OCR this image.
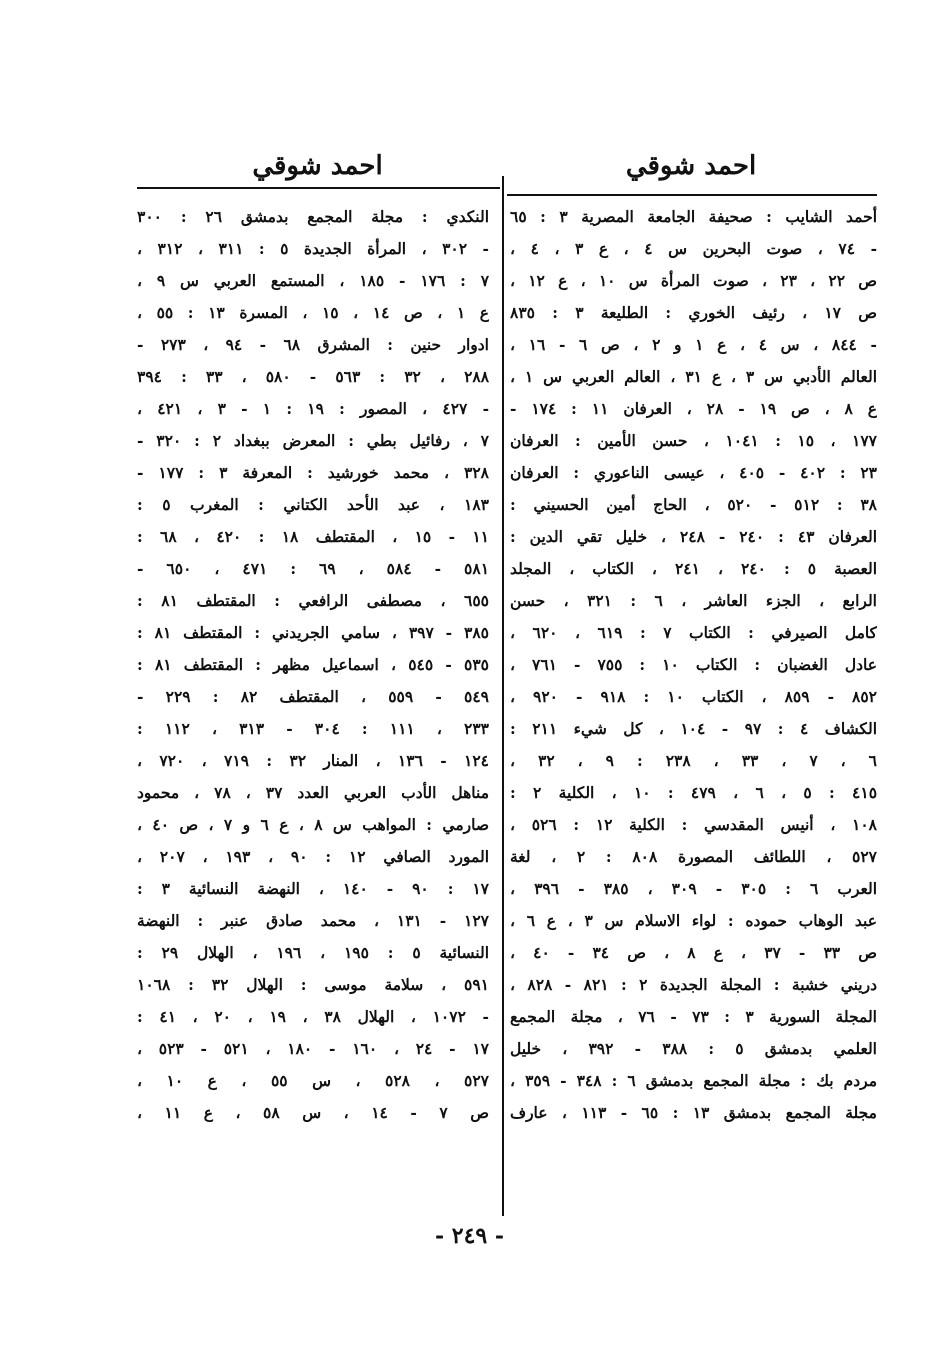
احمد شوقي
احمد شوقي
أحمد الشايب : صحيفة الجامعة المصرية ٣ : ٦٥
- ٧٤ ، صوت البحرين س ٤ ، ع ٣ ، ٤ ،
ص ٢٢ ، ٢٣ ، صوت المرأة س ١٠ ، ع ١٢ ،
ص ١٧ ، رئيف الخوري : الطليعة ٣ : ٨٣٥
- ٨٤٤ ، س ٤ ، ع ١ و ٢ ، ص ٦ - ١٦ ،
العالم الأدبي س ٣ ، ع ٣١ ، العالم العربي س ١ ،
ع ٨ ، ص ١٩ - ٢٨ ، العرفان ١١ : ١٧٤ -
١٧٧ ، ١٥ : ١٠٤١ ، حسن الأمين : العرفان
٢٣ : ٤٠٢ - ٤٠٥ ، عيسى الناعوري : العرفان
٣٨ : ٥١٢ - ٥٢٠ ، الحاج أمين الحسيني :
العرفان ٤٣ : ٢٤٠ - ٢٤٨ ، خليل تقي الدين :
العصبة ٥ : ٢٤٠ ، ٢٤١ ، الكتاب ، المجلد
الرابع ، الجزء العاشر ، ٦ : ٣٢١ ، حسن
كامل الصيرفي : الكتاب ٧ : ٦١٩ ، ٦٢٠ ،
عادل الغضبان : الكتاب ١٠ : ٧٥٥ - ٧٦١ ،
٨٥٢ - ٨٥٩ ، الكتاب ١٠ : ٩١٨ - ٩٢٠ ،
الكشاف ٤ : ٩٧ - ١٠٤ ، كل شيء ٢١١ :
٦ ، ٧ ، ٣٣ ، ٢٣٨ : ٩ ، ٣٢ ،
٤١٥ : ٥ ، ٦ ، ٤٧٩ : ١٠ ، الكلية ٢ :
١٠٨ ، أنيس المقدسي : الكلية ١٢ : ٥٢٦ ،
٥٢٧ ، اللطائف المصورة ٨٠٨ : ٢ ، لغة
العرب ٦ : ٣٠٥ - ٣٠٩ ، ٣٨٥ - ٣٩٦ ،
عبد الوهاب حموده : لواء الاسلام س ٣ ، ع ٦ ،
ص ٣٣ - ٣٧ ، ع ٨ ، ص ٣٤ - ٤٠ ،
دريني خشبة : المجلة الجديدة ٢ : ٨٢١ - ٨٢٨ ،
المجلة السورية ٣ : ٧٣ - ٧٦ ، مجلة المجمع
العلمي بدمشق ٥ : ٣٨٨ - ٣٩٢ ، خليل
مردم بك : مجلة المجمع بدمشق ٦ : ٣٤٨ - ٣٥٩ ،
مجلة المجمع بدمشق ١٣ : ٦٥ - ١١٣ ، عارف
النكدي : مجلة المجمع بدمشق ٢٦ : ٣٠٠
- ٣٠٢ ، المرأة الجديدة ٥ : ٣١١ ، ٣١٢ ،
٧ : ١٧٦ - ١٨٥ ، المستمع العربي س ٩ ،
ع ١ ، ص ١٤ ، ١٥ ، المسرة ١٣ : ٥٥ ،
ادوار حنين : المشرق ٦٨ - ٩٤ ، ٢٧٣ -
٢٨٨ ، ٣٢ : ٥٦٣ - ٥٨٠ ، ٣٣ : ٣٩٤
- ٤٢٧ ، المصور : ١٩ : ١ - ٣ ، ٤٢١ ،
٧ ، رفائيل بطي : المعرض ببغداد ٢ : ٣٢٠ -
٣٢٨ ، محمد خورشيد : المعرفة ٣ : ١٧٧ -
١٨٣ ، عبد الأحد الكتاني : المغرب ٥ :
١١ - ١٥ ، المقتطف ١٨ : ٤٢٠ ، ٦٨ :
٥٨١ - ٥٨٤ ، ٦٩ : ٤٧١ ، ٦٥٠ -
٦٥٥ ، مصطفى الرافعي : المقتطف ٨١ :
٣٨٥ - ٣٩٧ ، سامي الجريدني : المقتطف ٨١ :
٥٣٥ - ٥٤٥ ، اسماعيل مظهر : المقتطف ٨١ :
٥٤٩ - ٥٥٩ ، المقتطف ٨٢ : ٢٢٩ -
٢٣٣ ، ١١١ : ٣٠٤ - ٣١٣ ، ١١٢ :
١٢٤ - ١٣٦ ، المنار ٣٢ : ٧١٩ ، ٧٢٠ ،
مناهل الأدب العربي العدد ٣٧ ، ٧٨ ، محمود
صارمي : المواهب س ٨ ، ع ٦ و ٧ ، ص ٤٠ ،
المورد الصافي ١٢ : ٩٠ ، ١٩٣ ، ٢٠٧ ،
١٧ : ٩٠ - ١٤٠ ، النهضة النسائية ٣ :
١٢٧ - ١٣١ ، محمد صادق عنبر : النهضة
النسائية ٥ : ١٩٥ ، ١٩٦ ، الهلال ٢٩ :
٥٩١ ، سلامة موسى : الهلال ٣٢ : ١٠٦٨
- ١٠٧٢ ، الهلال ٣٨ ، ١٩ ، ٢٠ ، ٤١ :
١٧ - ٢٤ ، ١٦٠ - ١٨٠ ، ٥٢١ - ٥٢٣ ،
٥٢٧ ، ٥٢٨ ، س ٥٥ ، ع ١٠ ،
ص ٧ - ١٤ ، س ٥٨ ، ع ١١ ،
- ٢٤٩ -
